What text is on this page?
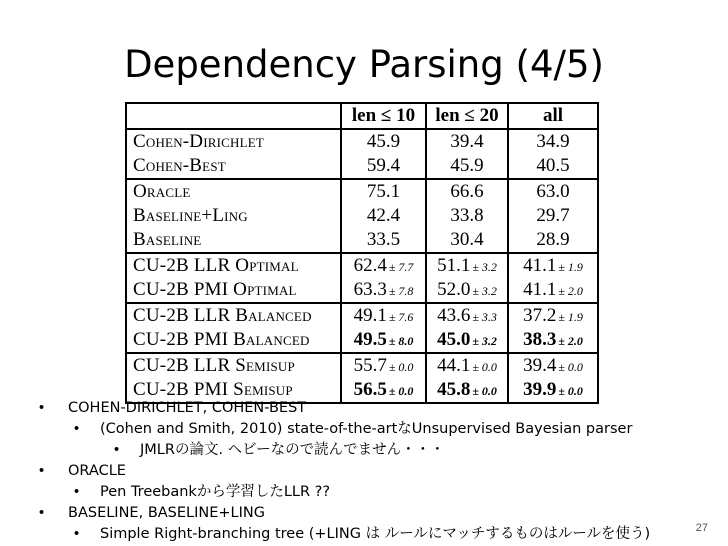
Dependency Parsing (4/5)
	len ≤ 10	len ≤ 20	all
Cohen-Dirichlet	45.9	39.4	34.9
Cohen-Best	59.4	45.9	40.5
Oracle	75.1	66.6	63.0
Baseline+Ling	42.4	33.8	29.7
Baseline	33.5	30.4	28.9
CU-2B LLR Optimal	62.4 ± 7.7	51.1 ± 3.2	41.1 ± 1.9
CU-2B PMI Optimal	63.3 ± 7.8	52.0 ± 3.2	41.1 ± 2.0
CU-2B LLR Balanced	49.1 ± 7.6	43.6 ± 3.3	37.2 ± 1.9
CU-2B PMI Balanced	49.5 ± 8.0	45.0 ± 3.2	38.3 ± 2.0
CU-2B LLR Semisup	55.7 ± 0.0	44.1 ± 0.0	39.4 ± 0.0
CU-2B PMI Semisup	56.5 ± 0.0	45.8 ± 0.0	39.9 ± 0.0
• COHEN-DIRICHLET, COHEN-BEST
• (Cohen and Smith, 2010) state-of-the-artなUnsupervised Bayesian parser
• JMLRの論文. ヘビーなので読んでません・・・
• ORACLE
• Pen Treebankから学習したLLR ??
• BASELINE, BASELINE+LING
• Simple Right-branching tree (+LING は ルールにマッチするものはルールを使う)	27
